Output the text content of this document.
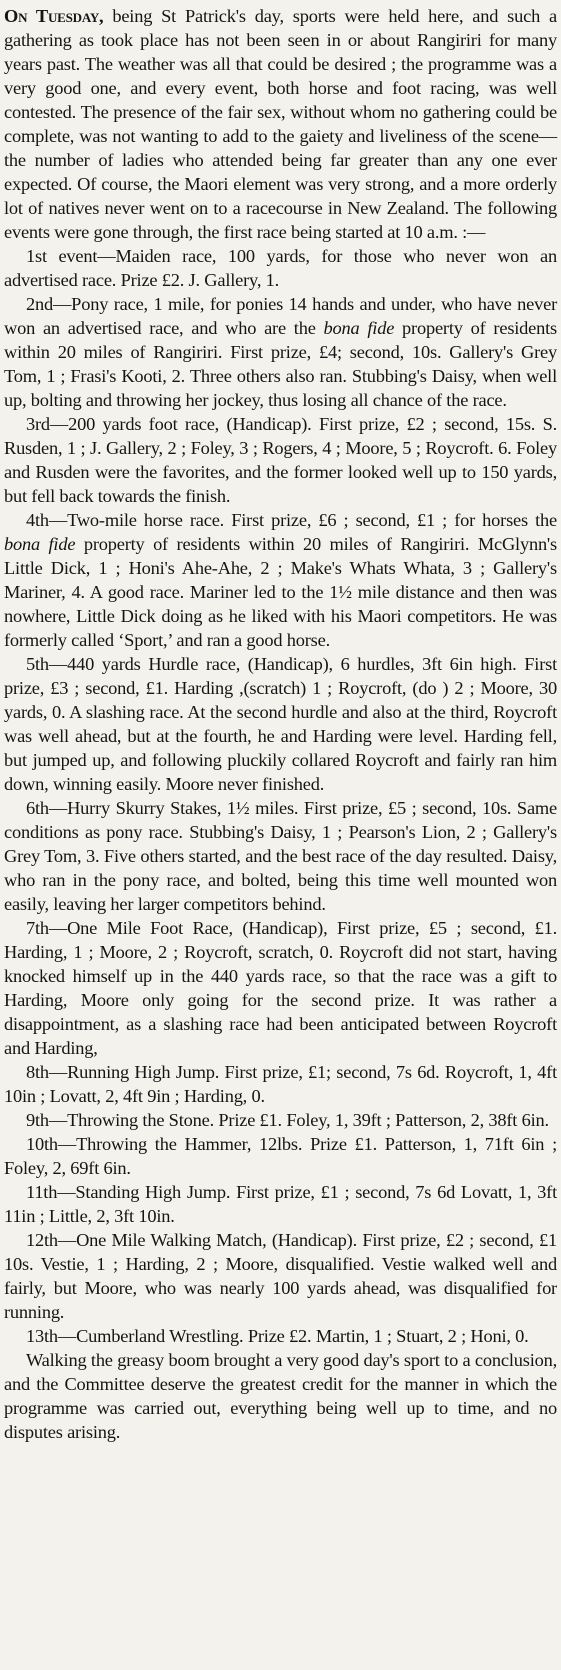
On Tuesday, being St Patrick's day, sports were held here, and such a gathering as took place has not been seen in or about Rangiriri for many years past. The weather was all that could be desired ; the programme was a very good one, and every event, both horse and foot racing, was well contested. The presence of the fair sex, without whom no gathering could be complete, was not wanting to add to the gaiety and liveliness of the scene—the number of ladies who attended being far greater than any one ever expected. Of course, the Maori element was very strong, and a more orderly lot of natives never went on to a racecourse in New Zealand. The following events were gone through, the first race being started at 10 a.m. :—

1st event—Maiden race, 100 yards, for those who never won an advertised race. Prize £2. J. Gallery, 1.

2nd—Pony race, 1 mile, for ponies 14 hands and under, who have never won an advertised race, and who are the bona fide property of residents within 20 miles of Rangiriri. First prize, £4; second, 10s. Gallery's Grey Tom, 1 ; Frasi's Kooti, 2. Three others also ran. Stubbing's Daisy, when well up, bolting and throwing her jockey, thus losing all chance of the race.

3rd—200 yards foot race, (Handicap). First prize, £2 ; second, 15s. S. Rusden, 1 ; J. Gallery, 2 ; Foley, 3 ; Rogers, 4 ; Moore, 5 ; Roycroft. 6. Foley and Rusden were the favorites, and the former looked well up to 150 yards, but fell back towards the finish.

4th—Two-mile horse race. First prize, £6 ; second, £1 ; for horses the bona fide property of residents within 20 miles of Rangiriri. McGlynn's Little Dick, 1 ; Honi's Ahe-Ahe, 2 ; Make's Whats Whata, 3 ; Gallery's Mariner, 4. A good race. Mariner led to the 1½ mile distance and then was nowhere, Little Dick doing as he liked with his Maori competitors. He was formerly called ‘Sport,’ and ran a good horse.

5th—440 yards Hurdle race, (Handicap), 6 hurdles, 3ft 6in high. First prize, £3 ; second, £1. Harding ,(scratch) 1 ; Roycroft, (do ) 2 ; Moore, 30 yards, 0. A slashing race. At the second hurdle and also at the third, Roycroft was well ahead, but at the fourth, he and Harding were level. Harding fell, but jumped up, and following pluckily collared Roycroft and fairly ran him down, winning easily. Moore never finished.

6th—Hurry Skurry Stakes, 1½ miles. First prize, £5 ; second, 10s. Same conditions as pony race. Stubbing's Daisy, 1 ; Pearson's Lion, 2 ; Gallery's Grey Tom, 3. Five others started, and the best race of the day resulted. Daisy, who ran in the pony race, and bolted, being this time well mounted won easily, leaving her larger competitors behind.

7th—One Mile Foot Race, (Handicap), First prize, £5 ; second, £1. Harding, 1 ; Moore, 2 ; Roycroft, scratch, 0. Roycroft did not start, having knocked himself up in the 440 yards race, so that the race was a gift to Harding, Moore only going for the second prize. It was rather a disappointment, as a slashing race had been anticipated between Roycroft and Harding,

8th—Running High Jump. First prize, £1; second, 7s 6d. Roycroft, 1, 4ft 10in ; Lovatt, 2, 4ft 9in ; Harding, 0.

9th—Throwing the Stone. Prize £1. Foley, 1, 39ft ; Patterson, 2, 38ft 6in.

10th—Throwing the Hammer, 12lbs. Prize £1. Patterson, 1, 71ft 6in ; Foley, 2, 69ft 6in.

11th—Standing High Jump. First prize, £1 ; second, 7s 6d Lovatt, 1, 3ft 11in ; Little, 2, 3ft 10in.

12th—One Mile Walking Match, (Handicap). First prize, £2 ; second, £1 10s. Vestie, 1 ; Harding, 2 ; Moore, disqualified. Vestie walked well and fairly, but Moore, who was nearly 100 yards ahead, was disqualified for running.

13th—Cumberland Wrestling. Prize £2. Martin, 1 ; Stuart, 2 ; Honi, 0.

Walking the greasy boom brought a very good day's sport to a conclusion, and the Committee deserve the greatest credit for the manner in which the programme was carried out, everything being well up to time, and no disputes arising.
